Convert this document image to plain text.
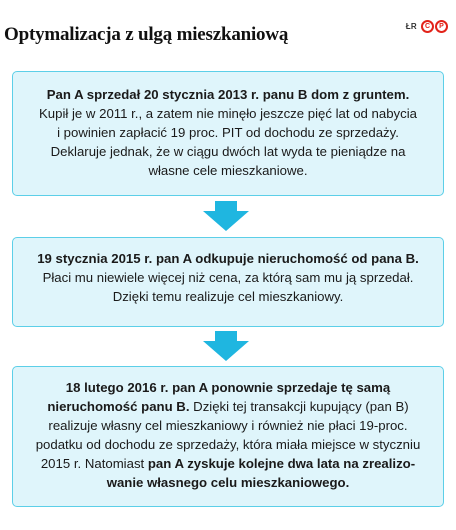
Optymalizacja z ulgą mieszkaniową	ŁR	C	P

Pan A sprzedał 20 stycznia 2013 r. panu B dom z gruntem.

Kupił je w 2011 r., a zatem nie minęło jeszcze pięć lat od nabycia

i powinien zapłacić 19 proc. PIT od dochodu ze sprzedaży.

Deklaruje jednak, że w ciągu dwóch lat wyda te pieniądze na

własne cele mieszkaniowe.

19 stycznia 2015 r. pan A odkupuje nieruchomość od pana B.

Płaci mu niewiele więcej niż cena, za którą sam mu ją sprzedał.

Dzięki temu realizuje cel mieszkaniowy.

18 lutego 2016 r. pan A ponownie sprzedaje tę samą

nieruchomość panu B. Dzięki tej transakcji kupujący (pan B)

realizuje własny cel mieszkaniowy i również nie płaci 19-proc.

podatku od dochodu ze sprzedaży, która miała miejsce w styczniu

2015 r. Natomiast pan A zyskuje kolejne dwa lata na zrealizo-

wanie własnego celu mieszkaniowego.
